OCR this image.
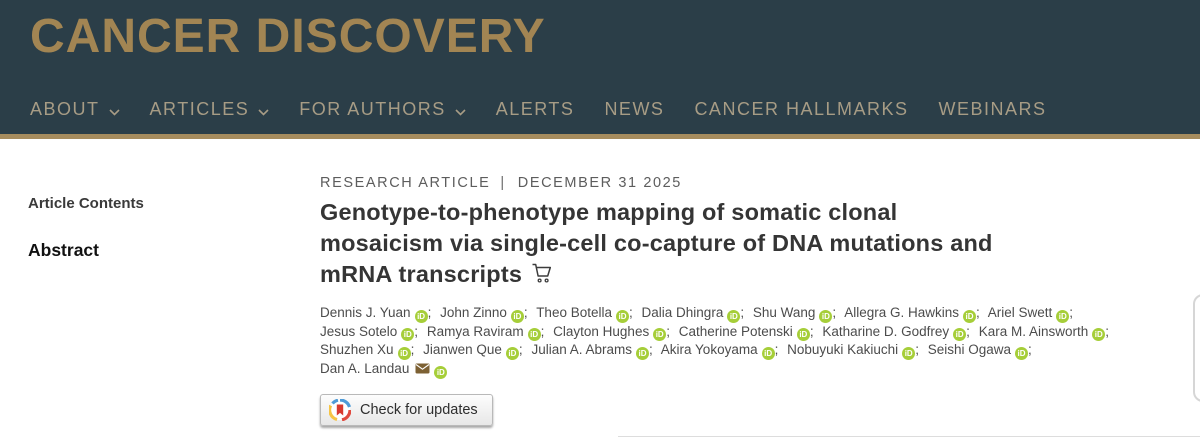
CANCER DISCOVERY
ABOUT	ARTICLES	FOR AUTHORS	ALERTS NEWS CANCER HALLMARKS WEBINARS
Article Contents
Abstract
RESEARCH ARTICLE | DECEMBER 31 2025
Genotype-to-phenotype mapping of somatic clonal
mosaicism via single-cell co-capture of DNA mutations and
mRNA transcripts
Dennis J. Yuan iD ; John Zinno iD ; Theo Botella iD ; Dalia Dhingra iD ; Shu Wang iD ; Allegra G. Hawkins iD ; Ariel Swett iD ;
Jesus Sotelo iD ; Ramya Raviram iD ; Clayton Hughes iD ; Catherine Potenski iD ; Katharine D. Godfrey iD ; Kara M. Ainsworth iD ;
Shuzhen Xu iD ; Jianwen Que iD ; Julian A. Abrams iD ; Akira Yokoyama iD ; Nobuyuki Kakiuchi iD ; Seishi Ogawa iD ;
Dan A. Landau	iD
Check for updates
